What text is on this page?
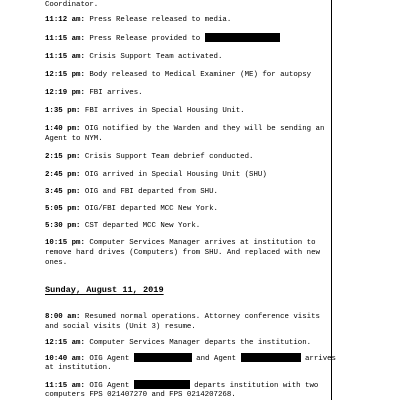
Coordinator.
11:12 am: Press Release released to media.
11:15 am: Press Release provided to
11:15 am: Crisis Support Team activated.
12:15 pm: Body released to Medical Examiner (ME) for autopsy
12:19 pm: FBI arrives.
1:35 pm: FBI arrives in Special Housing Unit.
1:40 pm: OIG notified by the Warden and they will be sending an
Agent to NYM.
2:15 pm: Crisis Support Team debrief conducted.
2:45 pm: OIG arrived in Special Housing Unit (SHU)
3:45 pm: OIG and FBI departed from SHU.
5:05 pm: OIG/FBI departed MCC New York.
5:30 pm: CST departed MCC New York.
10:15 pm: Computer Services Manager arrives at institution to
remove hard drives (Computers) from SHU. And replaced with new
ones.
Sunday, August 11, 2019
8:00 am: Resumed normal operations. Attorney conference visits
and social visits (Unit 3) resume.
12:15 am: Computer Services Manager departs the institution.
10:40 am: OIG Agent	and Agent	arrives
at institution.
11:15 am: OIG Agent	departs institution with two
computers FPS 021407270 and FPS 0214207268.
